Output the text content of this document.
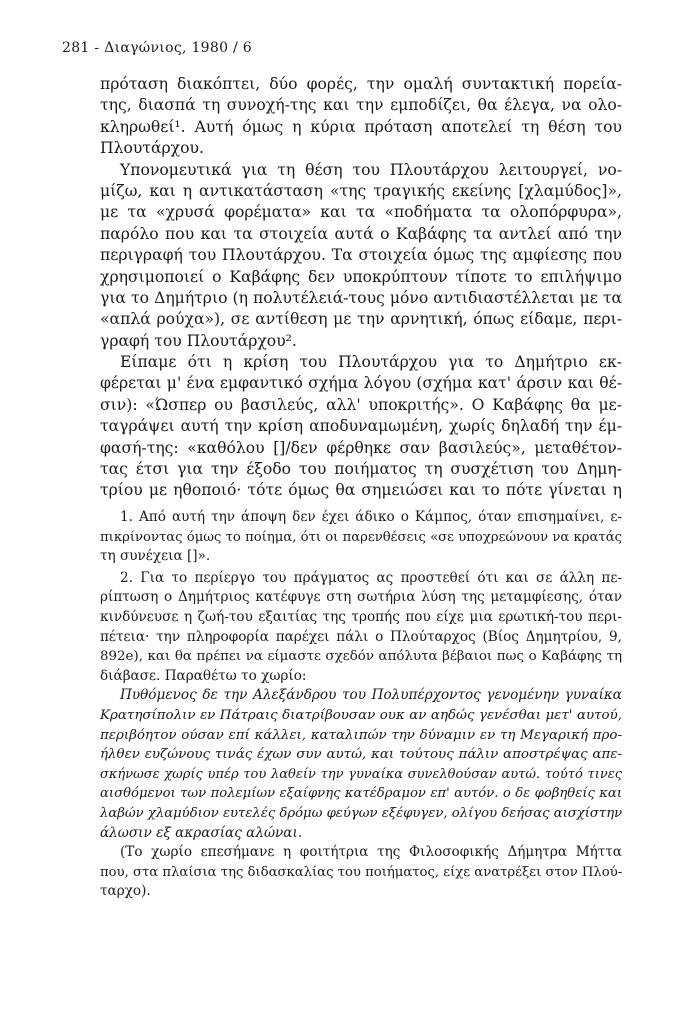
281 - Διαγώνιος, 1980 / 6
πρόταση διακόπτει, δύο φορές, την ομαλή συντακτική πορεία-
της, διασπά τη συνοχή-της και την εμποδίζει, θα έλεγα, να ολο-
κληρωθεί¹. Αυτή όμως η κύρια πρόταση αποτελεί τη θέση του
Πλουτάρχου.
Υπονομευτικά για τη θέση του Πλουτάρχου λειτουργεί, νο-
μίζω, και η αντικατάσταση «της τραγικής εκείνης [χλαμύδος]»,
με τα «χρυσά φορέματα» και τα «ποδήματα τα ολοπόρφυρα»,
παρόλο που και τα στοιχεία αυτά ο Καβάφης τα αντλεί από την
περιγραφή του Πλουτάρχου. Τα στοιχεία όμως της αμφίεσης που
χρησιμοποιεί ο Καβάφης δεν υποκρύπτουν τίποτε το επιλήψιμο
για το Δημήτριο (η πολυτέλειά-τους μόνο αντιδιαστέλλεται με τα
«απλά ρούχα»), σε αντίθεση με την αρνητική, όπως είδαμε, περι-
γραφή του Πλουτάρχου².
Είπαμε ότι η κρίση του Πλουτάρχου για το Δημήτριο εκ-
φέρεται μ' ένα εμφαντικό σχήμα λόγου (σχήμα κατ' άρσιν και θέ-
σιν): «Ώσπερ ου βασιλεύς, αλλ' υποκριτής». Ο Καβάφης θα με-
ταγράψει αυτή την κρίση αποδυναμωμένη, χωρίς δηλαδή την έμ-
φασή-της: «καθόλου []/δεν φέρθηκε σαν βασιλεύς», μεταθέτον-
τας έτσι για την έξοδο του ποιήματος τη συσχέτιση του Δημη-
τρίου με ηθοποιό· τότε όμως θα σημειώσει και το πότε γίνεται η
1. Από αυτή την άποψη δεν έχει άδικο ο Κάμπος, όταν επισημαίνει, ε-
πικρίνοντας όμως το ποίημα, ότι οι παρενθέσεις «σε υποχρεώνουν να κρατάς
τη συνέχεια []».
2. Για το περίεργο του πράγματος ας προστεθεί ότι και σε άλλη πε-
ρίπτωση ο Δημήτριος κατέφυγε στη σωτήρια λύση της μεταμφίεσης, όταν
κινδύνευσε η ζωή-του εξαιτίας της τροπής που είχε μια ερωτική-του περι-
πέτεια· την πληροφορία παρέχει πάλι ο Πλούταρχος (Βίος Δημητρίου, 9,
892e), και θα πρέπει να είμαστε σχεδόν απόλυτα βέβαιοι πως ο Καβάφης τη
διάβασε. Παραθέτω το χωρίο:
Πυθόμενος δε την Αλεξάνδρου του Πολυπέρχοντος γενομένην γυναίκα
Κρατησίπολιν εν Πάτραις διατρίβουσαν ουκ αν αηδώς γενέσθαι μετ' αυτού,
περιβόητον ούσαν επί κάλλει, καταλιπών την δύναμιν εν τη Μεγαρική προ-
ήλθεν ευζώνους τινάς έχων συν αυτώ, και τούτους πάλιν αποστρέψας απε-
σκήνωσε χωρίς υπέρ του λαθείν την γυναίκα συνελθούσαν αυτώ. τούτό τινες
αισθόμενοι των πολεμίων εξαίφνης κατέδραμον επ' αυτόν. ο δε φοβηθείς και
λαβών χλαμύδιον ευτελές δρόμω φεύγων εξέφυγεν, ολίγου δεήσας αισχίστην
άλωσιν εξ ακρασίας αλώναι.
(Το χωρίο επεσήμανε η φοιτήτρια της Φιλοσοφικής Δήμητρα Μήττα
που, στα πλαίσια της διδασκαλίας του ποιήματος, είχε ανατρέξει στον Πλού-
ταρχο).
